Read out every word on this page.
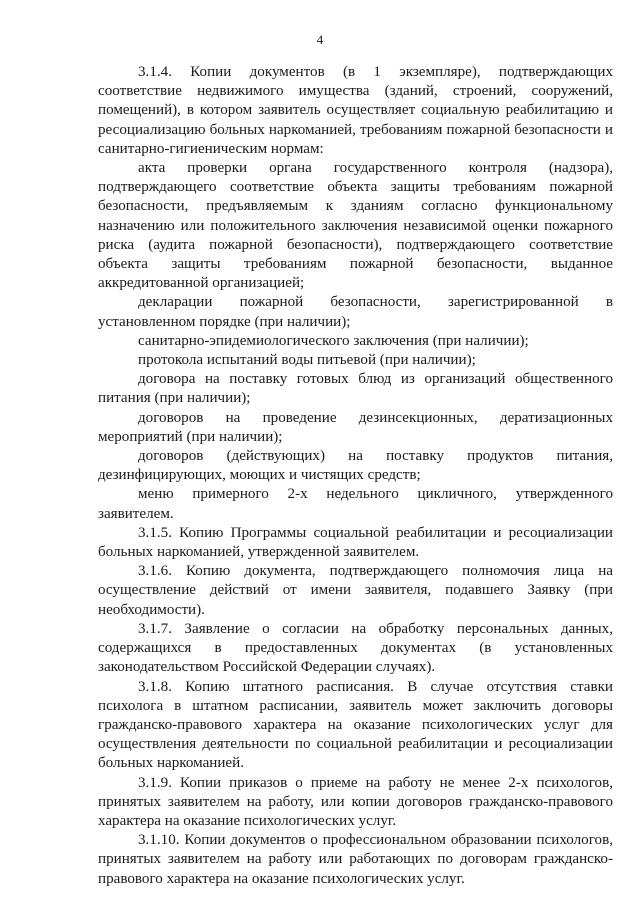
4

3.1.4. Копии документов (в 1 экземпляре), подтверждающих соответствие недвижимого имущества (зданий, строений, сооружений, помещений), в котором заявитель осуществляет социальную реабилитацию и ресоциализацию больных наркоманией, требованиям пожарной безопасности и санитарно-гигиеническим нормам:

акта проверки органа государственного контроля (надзора), подтверждающего соответствие объекта защиты требованиям пожарной безопасности, предъявляемым к зданиям согласно функциональному назначению или положительного заключения независимой оценки пожарного риска (аудита пожарной безопасности), подтверждающего соответствие объекта защиты требованиям пожарной безопасности, выданное аккредитованной организацией;

декларации пожарной безопасности, зарегистрированной в установленном порядке (при наличии);

санитарно-эпидемиологического заключения (при наличии);

протокола испытаний воды питьевой (при наличии);

договора на поставку готовых блюд из организаций общественного питания (при наличии);

договоров на проведение дезинсекционных, дератизационных мероприятий (при наличии);

договоров (действующих) на поставку продуктов питания, дезинфицирующих, моющих и чистящих средств;

меню примерного 2-х недельного цикличного, утвержденного заявителем.

3.1.5. Копию Программы социальной реабилитации и ресоциализации больных наркоманией, утвержденной заявителем.

3.1.6. Копию документа, подтверждающего полномочия лица на осуществление действий от имени заявителя, подавшего Заявку (при необходимости).

3.1.7. Заявление о согласии на обработку персональных данных, содержащихся в предоставленных документах (в установленных законодательством Российской Федерации случаях).

3.1.8. Копию штатного расписания. В случае отсутствия ставки психолога в штатном расписании, заявитель может заключить договоры гражданско-правового характера на оказание психологических услуг для осуществления деятельности по социальной реабилитации и ресоциализации больных наркоманией.

3.1.9. Копии приказов о приеме на работу не менее 2-х психологов, принятых заявителем на работу, или копии договоров гражданско-правового характера на оказание психологических услуг.

3.1.10. Копии документов о профессиональном образовании психологов, принятых заявителем на работу или работающих по договорам гражданско-правового характера на оказание психологических услуг.
